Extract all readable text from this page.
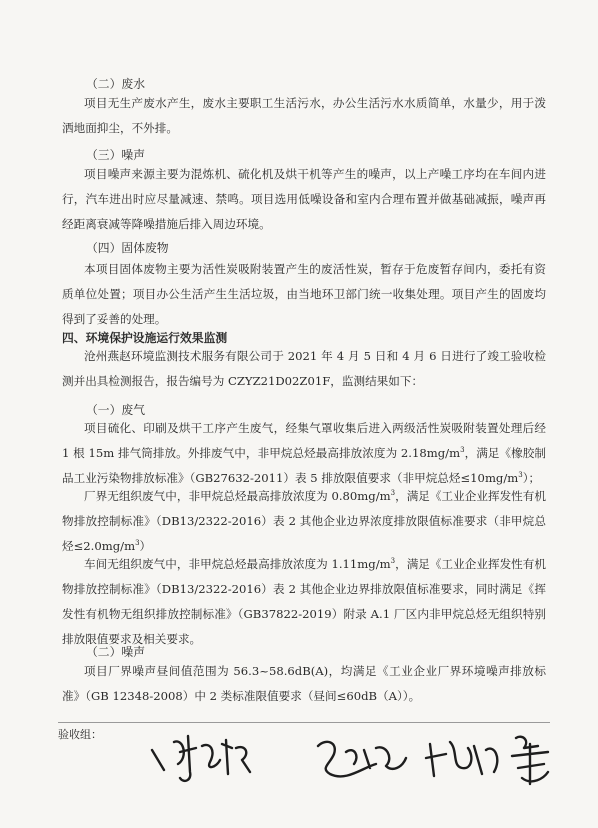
（二）废水

项目无生产废水产生，废水主要职工生活污水，办公生活污水水质简单，水量少，用于泼洒地面抑尘，不外排。

（三）噪声

项目噪声来源主要为混炼机、硫化机及烘干机等产生的噪声，以上产噪工序均在车间内进行，汽车进出时应尽量减速、禁鸣。项目选用低噪设备和室内合理布置并做基础减振，噪声再经距离衰减等降噪措施后排入周边环境。

（四）固体废物

本项目固体废物主要为活性炭吸附装置产生的废活性炭，暂存于危废暂存间内，委托有资质单位处置；项目办公生活产生生活垃圾，由当地环卫部门统一收集处理。项目产生的固废均得到了妥善的处理。

四、环境保护设施运行效果监测

沧州燕赵环境监测技术服务有限公司于 2021 年 4 月 5 日和 4 月 6 日进行了竣工验收检测并出具检测报告，报告编号为 CZYZ21D02Z01F，监测结果如下：

（一）废气

项目硫化、印刷及烘干工序产生废气，经集气罩收集后进入两级活性炭吸附装置处理后经 1 根 15m 排气筒排放。外排废气中，非甲烷总烃最高排放浓度为 $2.18mg/m^3$，满足《橡胶制品工业污染物排放标准》（GB27632-2011）表 5 排放限值要求（非甲烷总烃$\le 10mg/m^3$）；

厂界无组织废气中，非甲烷总烃最高排放浓度为 $0.80mg/m^3$，满足《工业企业挥发性有机物排放控制标准》（DB13/2322-2016）表 2 其他企业边界浓度排放限值标准要求（非甲烷总烃$\le 2.0mg/m^3$）

车间无组织废气中，非甲烷总烃最高排放浓度为 $1.11mg/m^3$，满足《工业企业挥发性有机物排放控制标准》（DB13/2322-2016）表 2 其他企业边界排放限值标准要求，同时满足《挥发性有机物无组织排放控制标准》（GB37822-2019）附录 A.1 厂区内非甲烷总烃无组织特别排放限值要求及相关要求。

（二）噪声

项目厂界噪声昼间值范围为 56.3~58.6dB(A)，均满足《工业企业厂界环境噪声排放标准》（GB 12348-2008）中 2 类标准限值要求（昼间≤60dB（A））。

验收组：
